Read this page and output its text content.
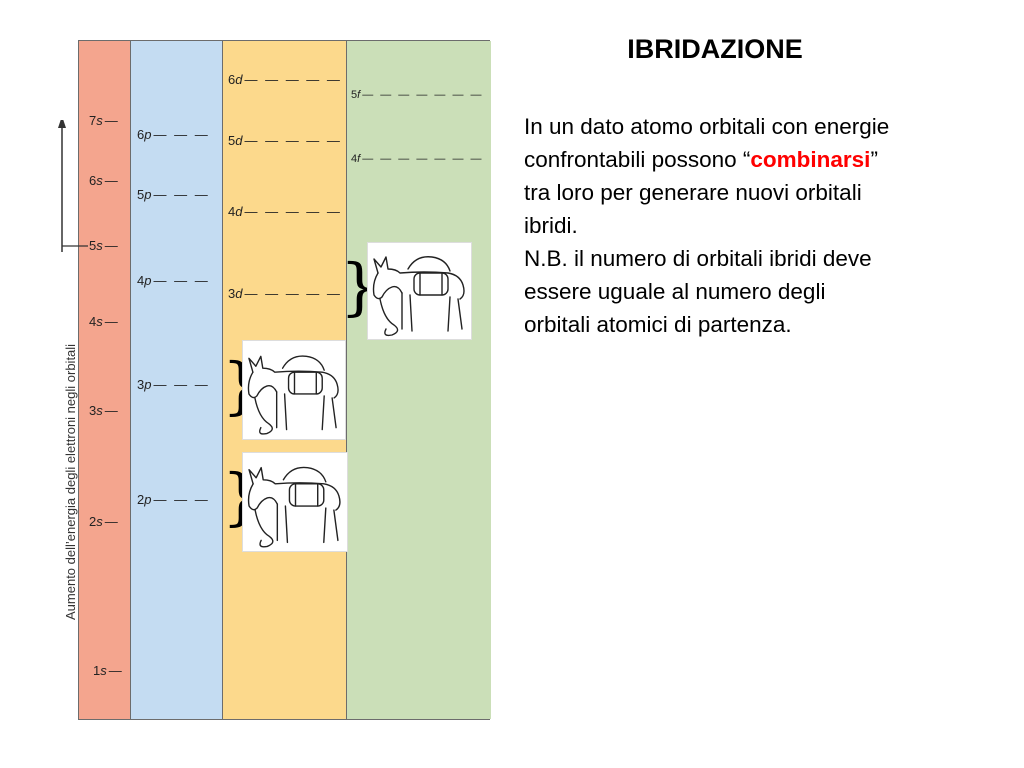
7s —
6s —
5s —
4s —
3s —
2s —
1s —
6p — — —
5p — — —
4p — — —
3p — — —
2p — — —
6d — — — — —
5d — — — — —
4d — — — — —
3d — — — — —
5f — — — — — — —
4f — — — — — — —
Aumento dell’energia degli elettroni negli orbitali
}
}
}
IBRIDAZIONE
In un dato atomo orbitali con energie
confrontabili possono “combinarsi”
tra loro per generare nuovi orbitali
ibridi.
N.B. il numero di orbitali ibridi deve
essere uguale al numero degli
orbitali atomici di partenza.
